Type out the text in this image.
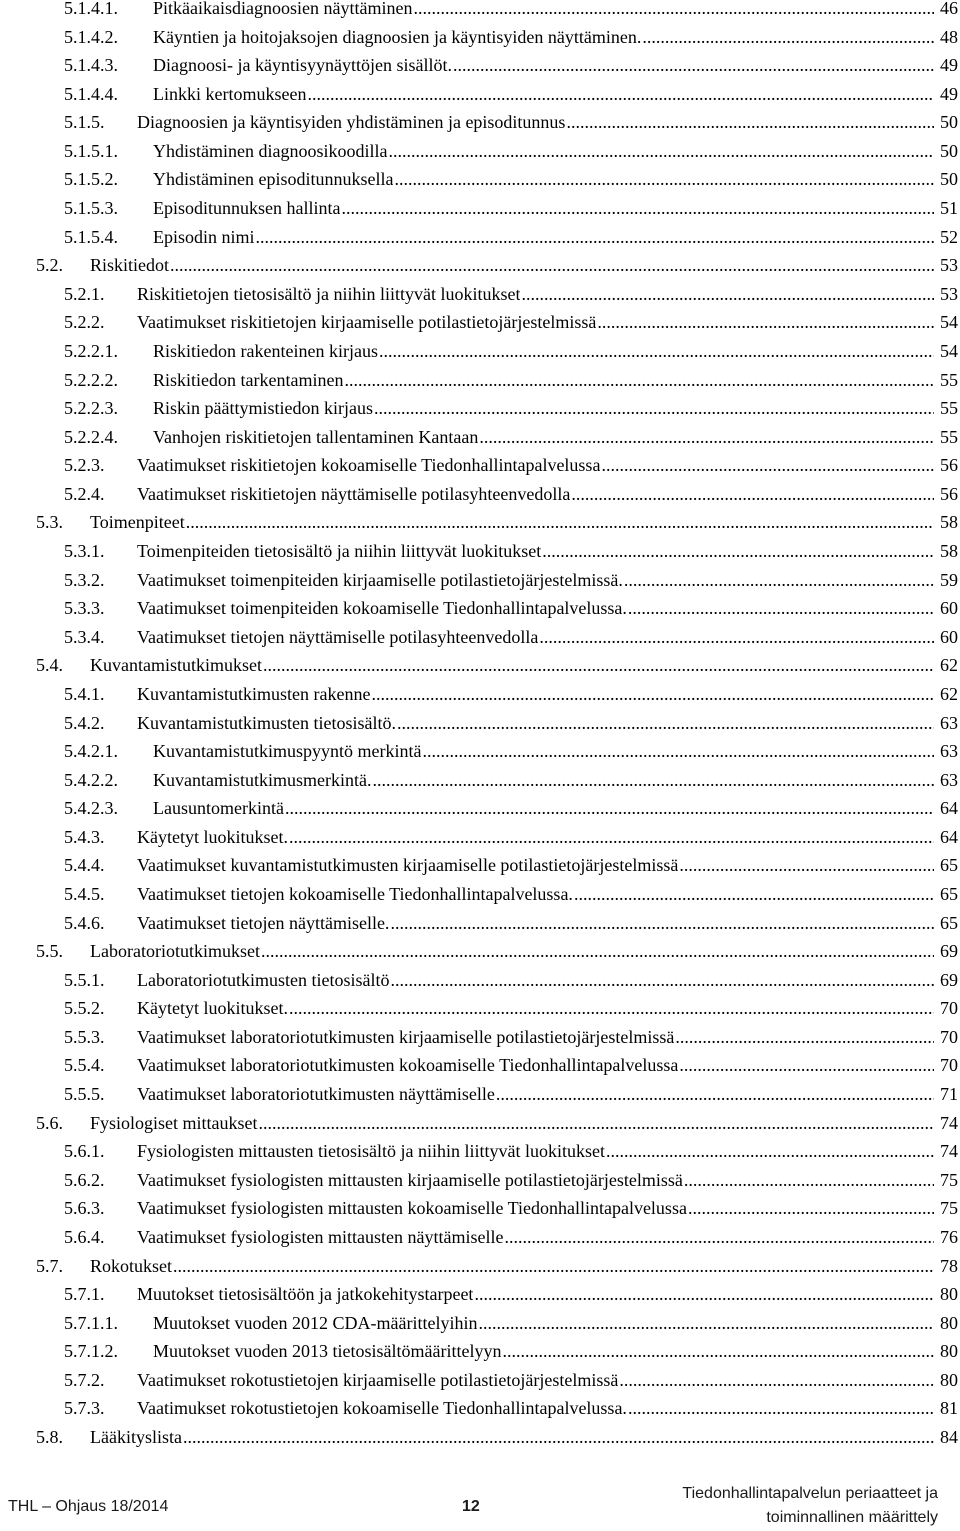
5.1.4.1.	Pitkäaikaisdiagnoosien näyttäminen .....	46
5.1.4.2.	Käyntien ja hoitojaksojen diagnoosien ja käyntisyiden näyttäminen. .....	48
5.1.4.3.	Diagnoosi- ja käyntisyynäyttöjen sisällöt. .....	49
5.1.4.4.	Linkki kertomukseen .....	49
5.1.5.	Diagnoosien ja käyntisyiden yhdistäminen ja episoditunnus .....	50
5.1.5.1.	Yhdistäminen diagnoosikoodilla .....	50
5.1.5.2.	Yhdistäminen episoditunnuksella .....	50
5.1.5.3.	Episoditunnuksen hallinta .....	51
5.1.5.4.	Episodin nimi .....	52
5.2.	Riskitiedot .....	53
5.2.1.	Riskitietojen tietosisältö ja niihin liittyvät luokitukset .....	53
5.2.2.	Vaatimukset riskitietojen kirjaamiselle potilastietojärjestelmissä .....	54
5.2.2.1.	Riskitiedon rakenteinen kirjaus .....	54
5.2.2.2.	Riskitiedon tarkentaminen .....	55
5.2.2.3.	Riskin päättymistiedon kirjaus .....	55
5.2.2.4.	Vanhojen riskitietojen tallentaminen Kantaan .....	55
5.2.3.	Vaatimukset riskitietojen kokoamiselle Tiedonhallintapalvelussa .....	56
5.2.4.	Vaatimukset riskitietojen näyttämiselle potilasyhteenvedolla .....	56
5.3.	Toimenpiteet .....	58
5.3.1.	Toimenpiteiden tietosisältö ja niihin liittyvät luokitukset .....	58
5.3.2.	Vaatimukset toimenpiteiden kirjaamiselle potilastietojärjestelmissä. .....	59
5.3.3.	Vaatimukset toimenpiteiden kokoamiselle Tiedonhallintapalvelussa. .....	60
5.3.4.	Vaatimukset tietojen näyttämiselle potilasyhteenvedolla .....	60
5.4.	Kuvantamistutkimukset .....	62
5.4.1.	Kuvantamistutkimusten rakenne .....	62
5.4.2.	Kuvantamistutkimusten tietosisältö. .....	63
5.4.2.1.	Kuvantamistutkimuspyyntö merkintä .....	63
5.4.2.2.	Kuvantamistutkimusmerkintä. .....	63
5.4.2.3.	Lausuntomerkintä .....	64
5.4.3.	Käytetyt luokitukset. .....	64
5.4.4.	Vaatimukset kuvantamistutkimusten kirjaamiselle potilastietojärjestelmissä .....	65
5.4.5.	Vaatimukset tietojen kokoamiselle Tiedonhallintapalvelussa. .....	65
5.4.6.	Vaatimukset tietojen näyttämiselle. .....	65
5.5.	Laboratoriotutkimukset .....	69
5.5.1.	Laboratoriotutkimusten tietosisältö .....	69
5.5.2.	Käytetyt luokitukset. .....	70
5.5.3.	Vaatimukset laboratoriotutkimusten kirjaamiselle potilastietojärjestelmissä .....	70
5.5.4.	Vaatimukset laboratoriotutkimusten kokoamiselle Tiedonhallintapalvelussa .....	70
5.5.5.	Vaatimukset laboratoriotutkimusten näyttämiselle .....	71
5.6.	Fysiologiset mittaukset .....	74
5.6.1.	Fysiologisten mittausten tietosisältö ja niihin liittyvät luokitukset .....	74
5.6.2.	Vaatimukset fysiologisten mittausten kirjaamiselle potilastietojärjestelmissä .....	75
5.6.3.	Vaatimukset fysiologisten mittausten kokoamiselle Tiedonhallintapalvelussa .....	75
5.6.4.	Vaatimukset fysiologisten mittausten näyttämiselle .....	76
5.7.	Rokotukset .....	78
5.7.1.	Muutokset tietosisältöön ja jatkokehitystarpeet .....	80
5.7.1.1.	Muutokset vuoden 2012 CDA-määrittelyihin .....	80
5.7.1.2.	Muutokset vuoden 2013 tietosisältömäärittelyyn .....	80
5.7.2.	Vaatimukset rokotustietojen kirjaamiselle potilastietojärjestelmissä .....	80
5.7.3.	Vaatimukset rokotustietojen kokoamiselle Tiedonhallintapalvelussa. .....	81
5.8.	Lääkityslista .....	84
THL – Ohjaus 18/2014	12
Tiedonhallintapalvelun periaatteet ja
toiminnallinen määrittely
